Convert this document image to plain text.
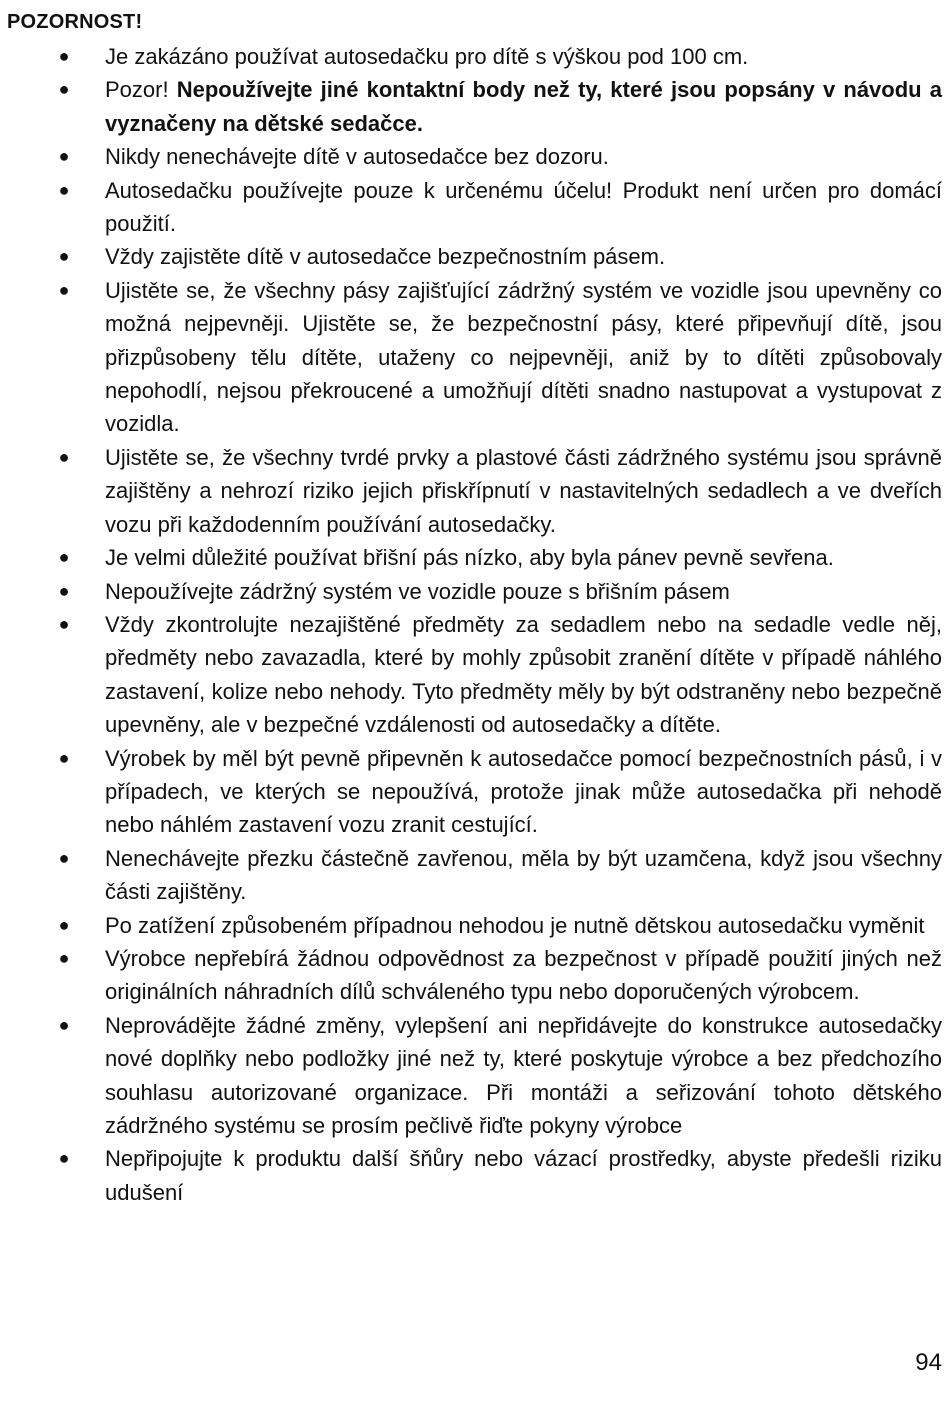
POZORNOST!
● Je zakázáno používat autosedačku pro dítě s výškou pod 100 cm.
● Pozor! Nepoužívejte jiné kontaktní body než ty, které jsou popsány v návodu a vyznačeny na dětské sedačce.
● Nikdy nenechávejte dítě v autosedačce bez dozoru.
● Autosedačku používejte pouze k určenému účelu! Produkt není určen pro domácí použití.
● Vždy zajistěte dítě v autosedačce bezpečnostním pásem.
● Ujistěte se, že všechny pásy zajišťující zádržný systém ve vozidle jsou upevněny co možná nejpevněji. Ujistěte se, že bezpečnostní pásy, které připevňují dítě, jsou přizpůsobeny tělu dítěte, utaženy co nejpevněji, aniž by to dítěti způsobovaly nepohodlí, nejsou překroucené a umožňují dítěti snadno nastupovat a vystupovat z vozidla.
● Ujistěte se, že všechny tvrdé prvky a plastové části zádržného systému jsou správně zajištěny a nehrozí riziko jejich přiskřípnutí v nastavitelných sedadlech a ve dveřích vozu při každodenním používání autosedačky.
● Je velmi důležité používat břišní pás nízko, aby byla pánev pevně sevřena.
● Nepoužívejte zádržný systém ve vozidle pouze s břišním pásem
● Vždy zkontrolujte nezajištěné předměty za sedadlem nebo na sedadle vedle něj, předměty nebo zavazadla, které by mohly způsobit zranění dítěte v případě náhlého zastavení, kolize nebo nehody. Tyto předměty měly by být odstraněny nebo bezpečně upevněny, ale v bezpečné vzdálenosti od autosedačky a dítěte.
● Výrobek by měl být pevně připevněn k autosedačce pomocí bezpečnostních pásů, i v případech, ve kterých se nepoužívá, protože jinak může autosedačka při nehodě nebo náhlém zastavení vozu zranit cestující.
● Nenechávejte přezku částečně zavřenou, měla by být uzamčena, když jsou všechny části zajištěny.
● Po zatížení způsobeném případnou nehodou je nutně dětskou autosedačku vyměnit
● Výrobce nepřebírá žádnou odpovědnost za bezpečnost v případě použití jiných než originálních náhradních dílů schváleného typu nebo doporučených výrobcem.
● Neprovádějte žádné změny, vylepšení ani nepřidávejte do konstrukce autosedačky nové doplňky nebo podložky jiné než ty, které poskytuje výrobce a bez předchozího souhlasu autorizované organizace. Při montáži a seřizování tohoto dětského zádržného systému se prosím pečlivě řiďte pokyny výrobce
● Nepřipojujte k produktu další šňůry nebo vázací prostředky, abyste předešli riziku udušení
94
